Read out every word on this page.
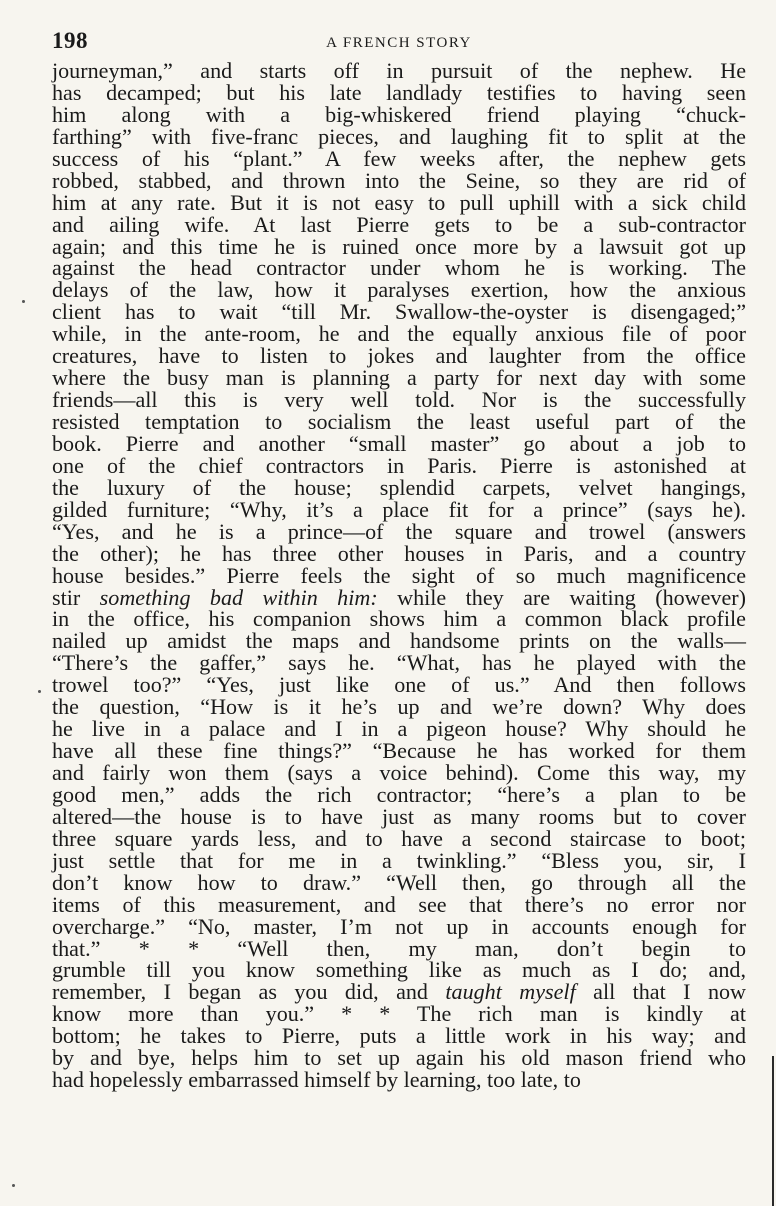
198	A FRENCH STORY
journeyman,” and starts off in pursuit of the nephew. He
has decamped; but his late landlady testifies to having seen
him along with a big-whiskered friend playing “chuck-
farthing” with five-franc pieces, and laughing fit to split at the
success of his “plant.” A few weeks after, the nephew gets
robbed, stabbed, and thrown into the Seine, so they are rid of
him at any rate. But it is not easy to pull uphill with a sick child
and ailing wife. At last Pierre gets to be a sub-contractor
again; and this time he is ruined once more by a lawsuit got up
against the head contractor under whom he is working. The
delays of the law, how it paralyses exertion, how the anxious
client has to wait “till Mr. Swallow-the-oyster is disengaged;”
while, in the ante-room, he and the equally anxious file of poor
creatures, have to listen to jokes and laughter from the office
where the busy man is planning a party for next day with some
friends—all this is very well told. Nor is the successfully
resisted temptation to socialism the least useful part of the
book. Pierre and another “small master” go about a job to
one of the chief contractors in Paris. Pierre is astonished at
the luxury of the house; splendid carpets, velvet hangings,
gilded furniture; “Why, it’s a place fit for a prince” (says he).
“Yes, and he is a prince—of the square and trowel (answers
the other); he has three other houses in Paris, and a country
house besides.” Pierre feels the sight of so much magnificence
stir something bad within him: while they are waiting (however)
in the office, his companion shows him a common black profile
nailed up amidst the maps and handsome prints on the walls—
“There’s the gaffer,” says he. “What, has he played with the
trowel too?” “Yes, just like one of us.” And then follows
the question, “How is it he’s up and we’re down? Why does
he live in a palace and I in a pigeon house? Why should he
have all these fine things?” “Because he has worked for them
and fairly won them (says a voice behind). Come this way, my
good men,” adds the rich contractor; “here’s a plan to be
altered—the house is to have just as many rooms but to cover
three square yards less, and to have a second staircase to boot;
just settle that for me in a twinkling.” “Bless you, sir, I
don’t know how to draw.” “Well then, go through all the
items of this measurement, and see that there’s no error nor
overcharge.” “No, master, I’m not up in accounts enough for
that.” * * “Well then, my man, don’t begin to
grumble till you know something like as much as I do; and,
remember, I began as you did, and taught myself all that I now
know more than you.” * * The rich man is kindly at
bottom; he takes to Pierre, puts a little work in his way; and
by and bye, helps him to set up again his old mason friend who
had hopelessly embarrassed himself by learning, too late, to
